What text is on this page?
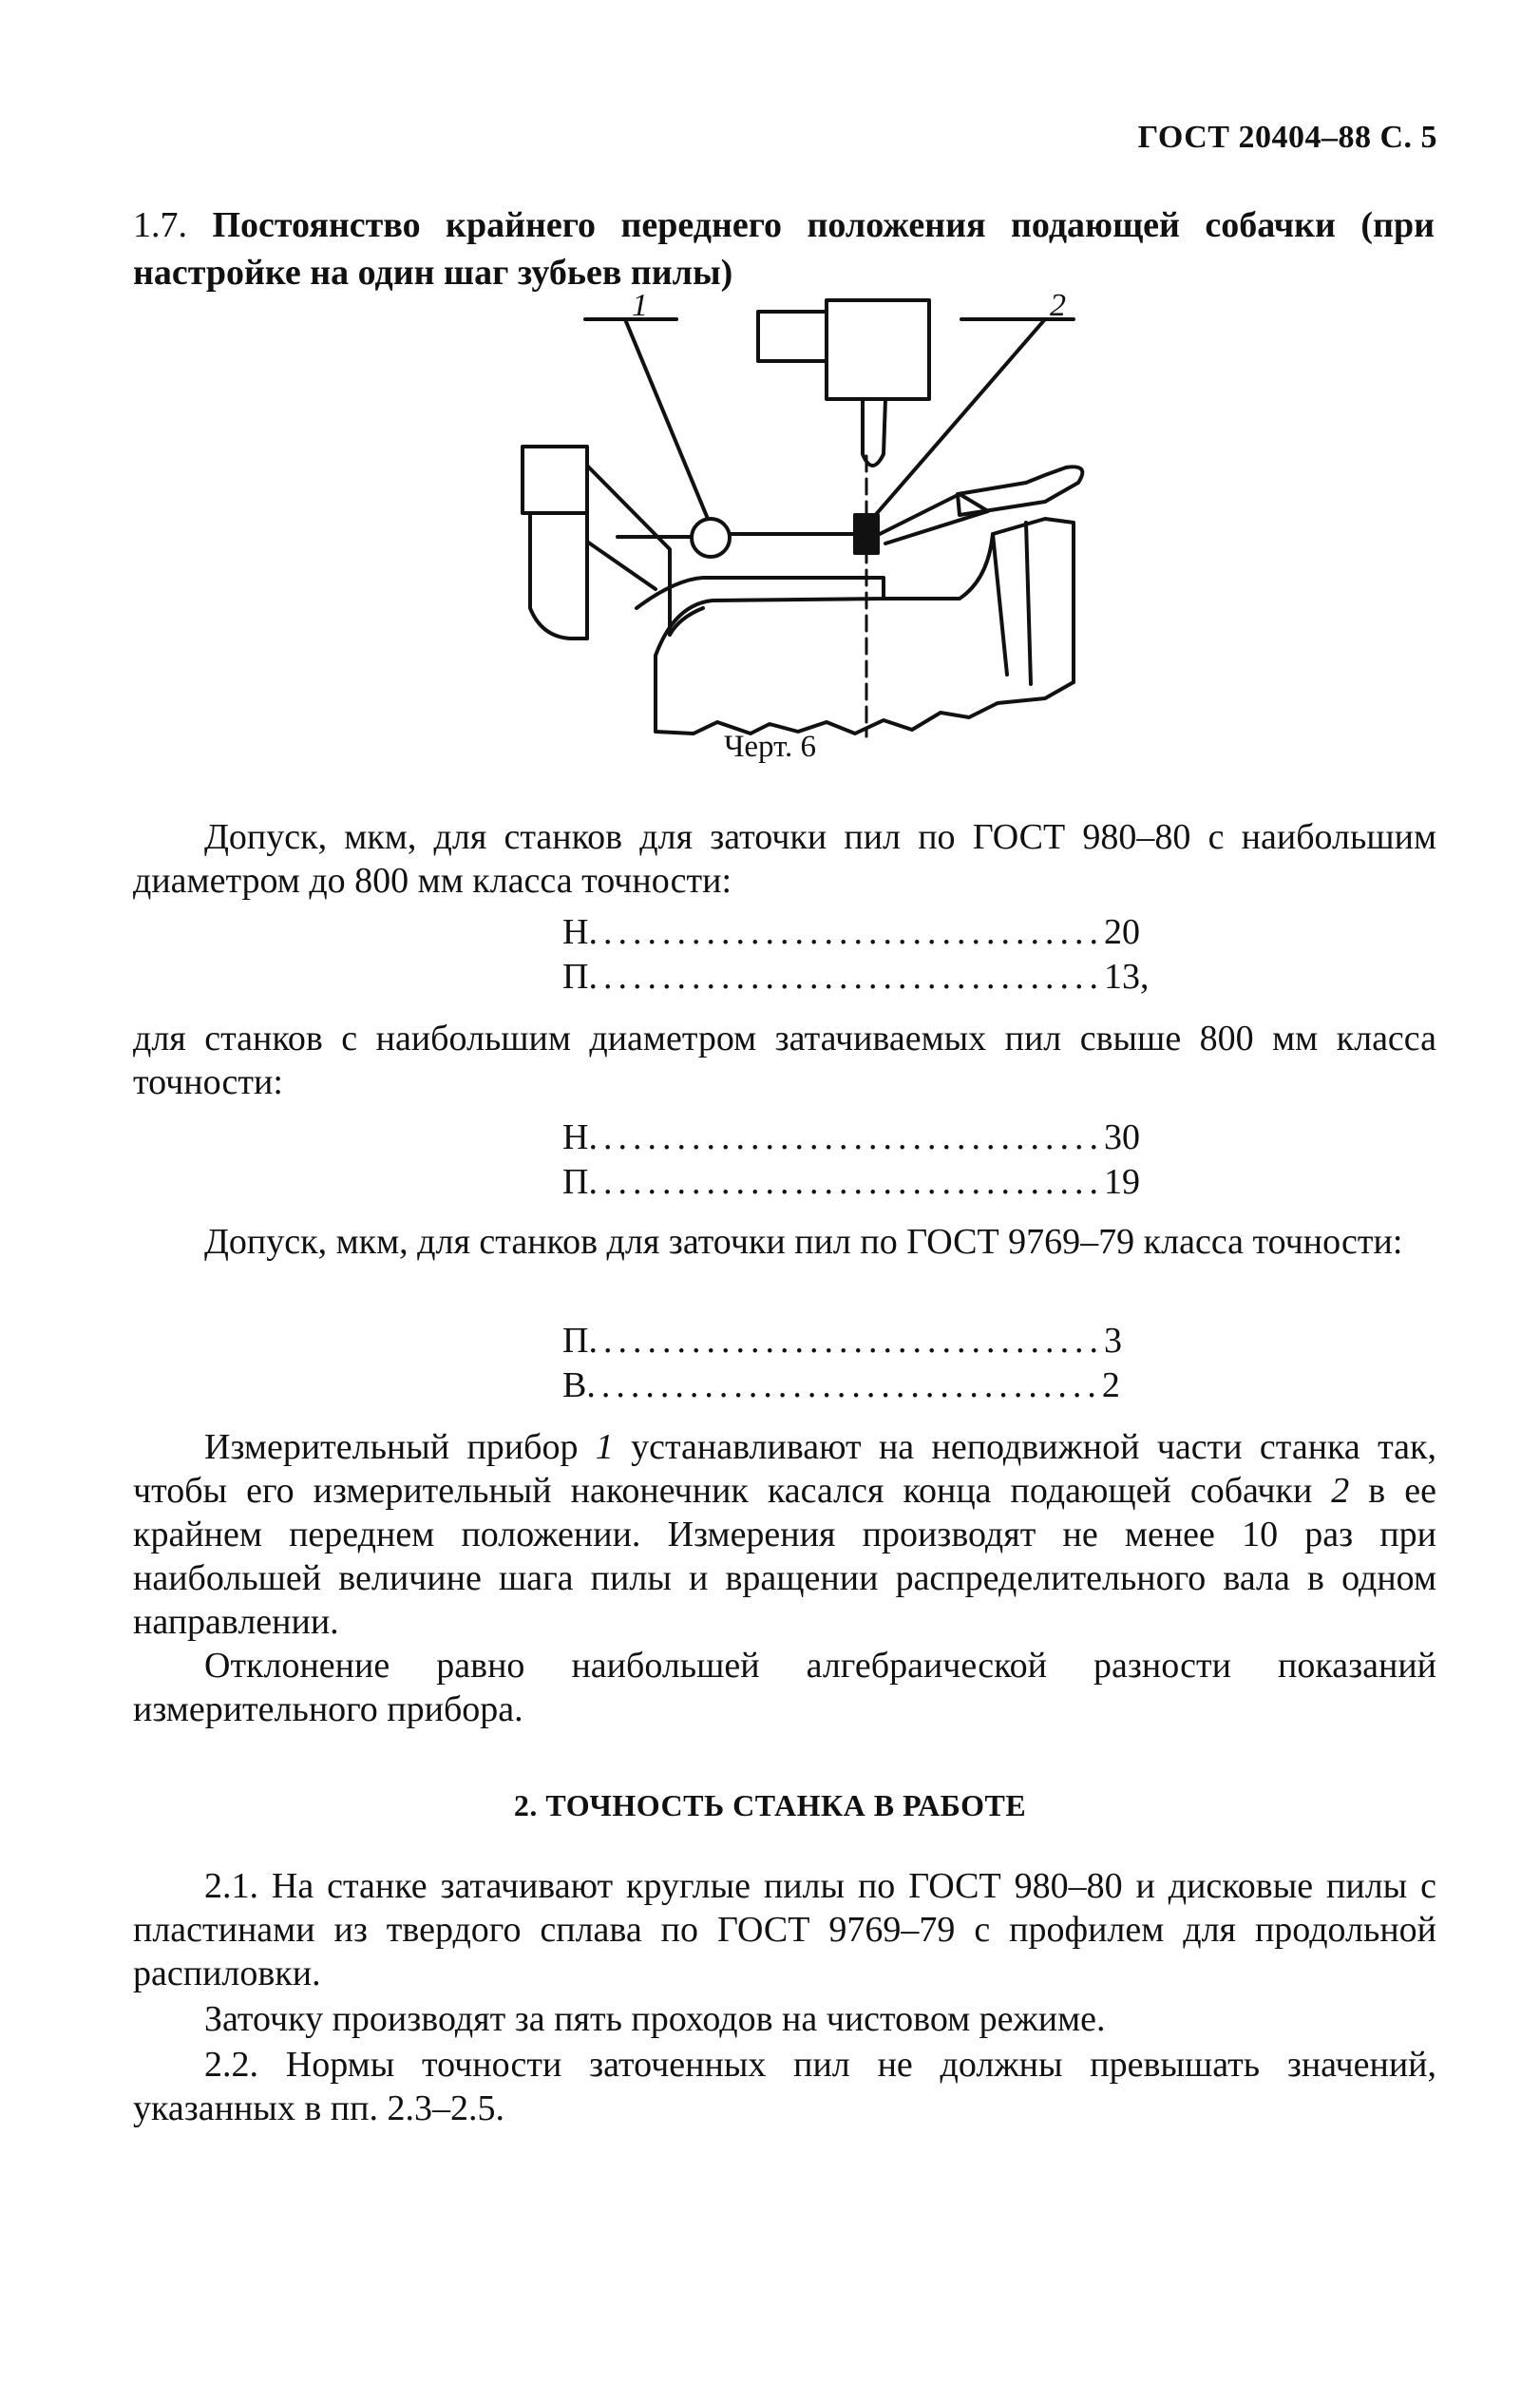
ГОСТ 20404–88 С. 5
1.7. Постоянство крайнего переднего положения подающей собачки (при настройке на один шаг зубьев пилы)
1	2
Черт. 6

Допуск, мкм, для станков для заточки пил по ГОСТ 980–80 с наибольшим диаметром до 800 мм класса точности:

Н ................................... 20
П ................................... 13,

для станков с наибольшим диаметром затачиваемых пил свыше 800 мм класса точности:

Н ................................... 30
П ................................... 19

Допуск, мкм, для станков для заточки пил по ГОСТ 9769–79 класса точности:

П ................................... 3
В ................................... 2

Измерительный прибор 1 устанавливают на неподвижной части станка так, чтобы его измерительный наконечник касался конца подающей собачки 2 в ее крайнем переднем положении. Измерения производят не менее 10 раз при наибольшей величине шага пилы и вращении распределительного вала в одном направлении.

Отклонение равно наибольшей алгебраической разности показаний измерительного прибора.

2. ТОЧНОСТЬ СТАНКА В РАБОТЕ

2.1. На станке затачивают круглые пилы по ГОСТ 980–80 и дисковые пилы с пластинами из твердого сплава по ГОСТ 9769–79 с профилем для продольной распиловки.

Заточку производят за пять проходов на чистовом режиме.

2.2. Нормы точности заточенных пил не должны превышать значений, указанных в пп. 2.3–2.5.
